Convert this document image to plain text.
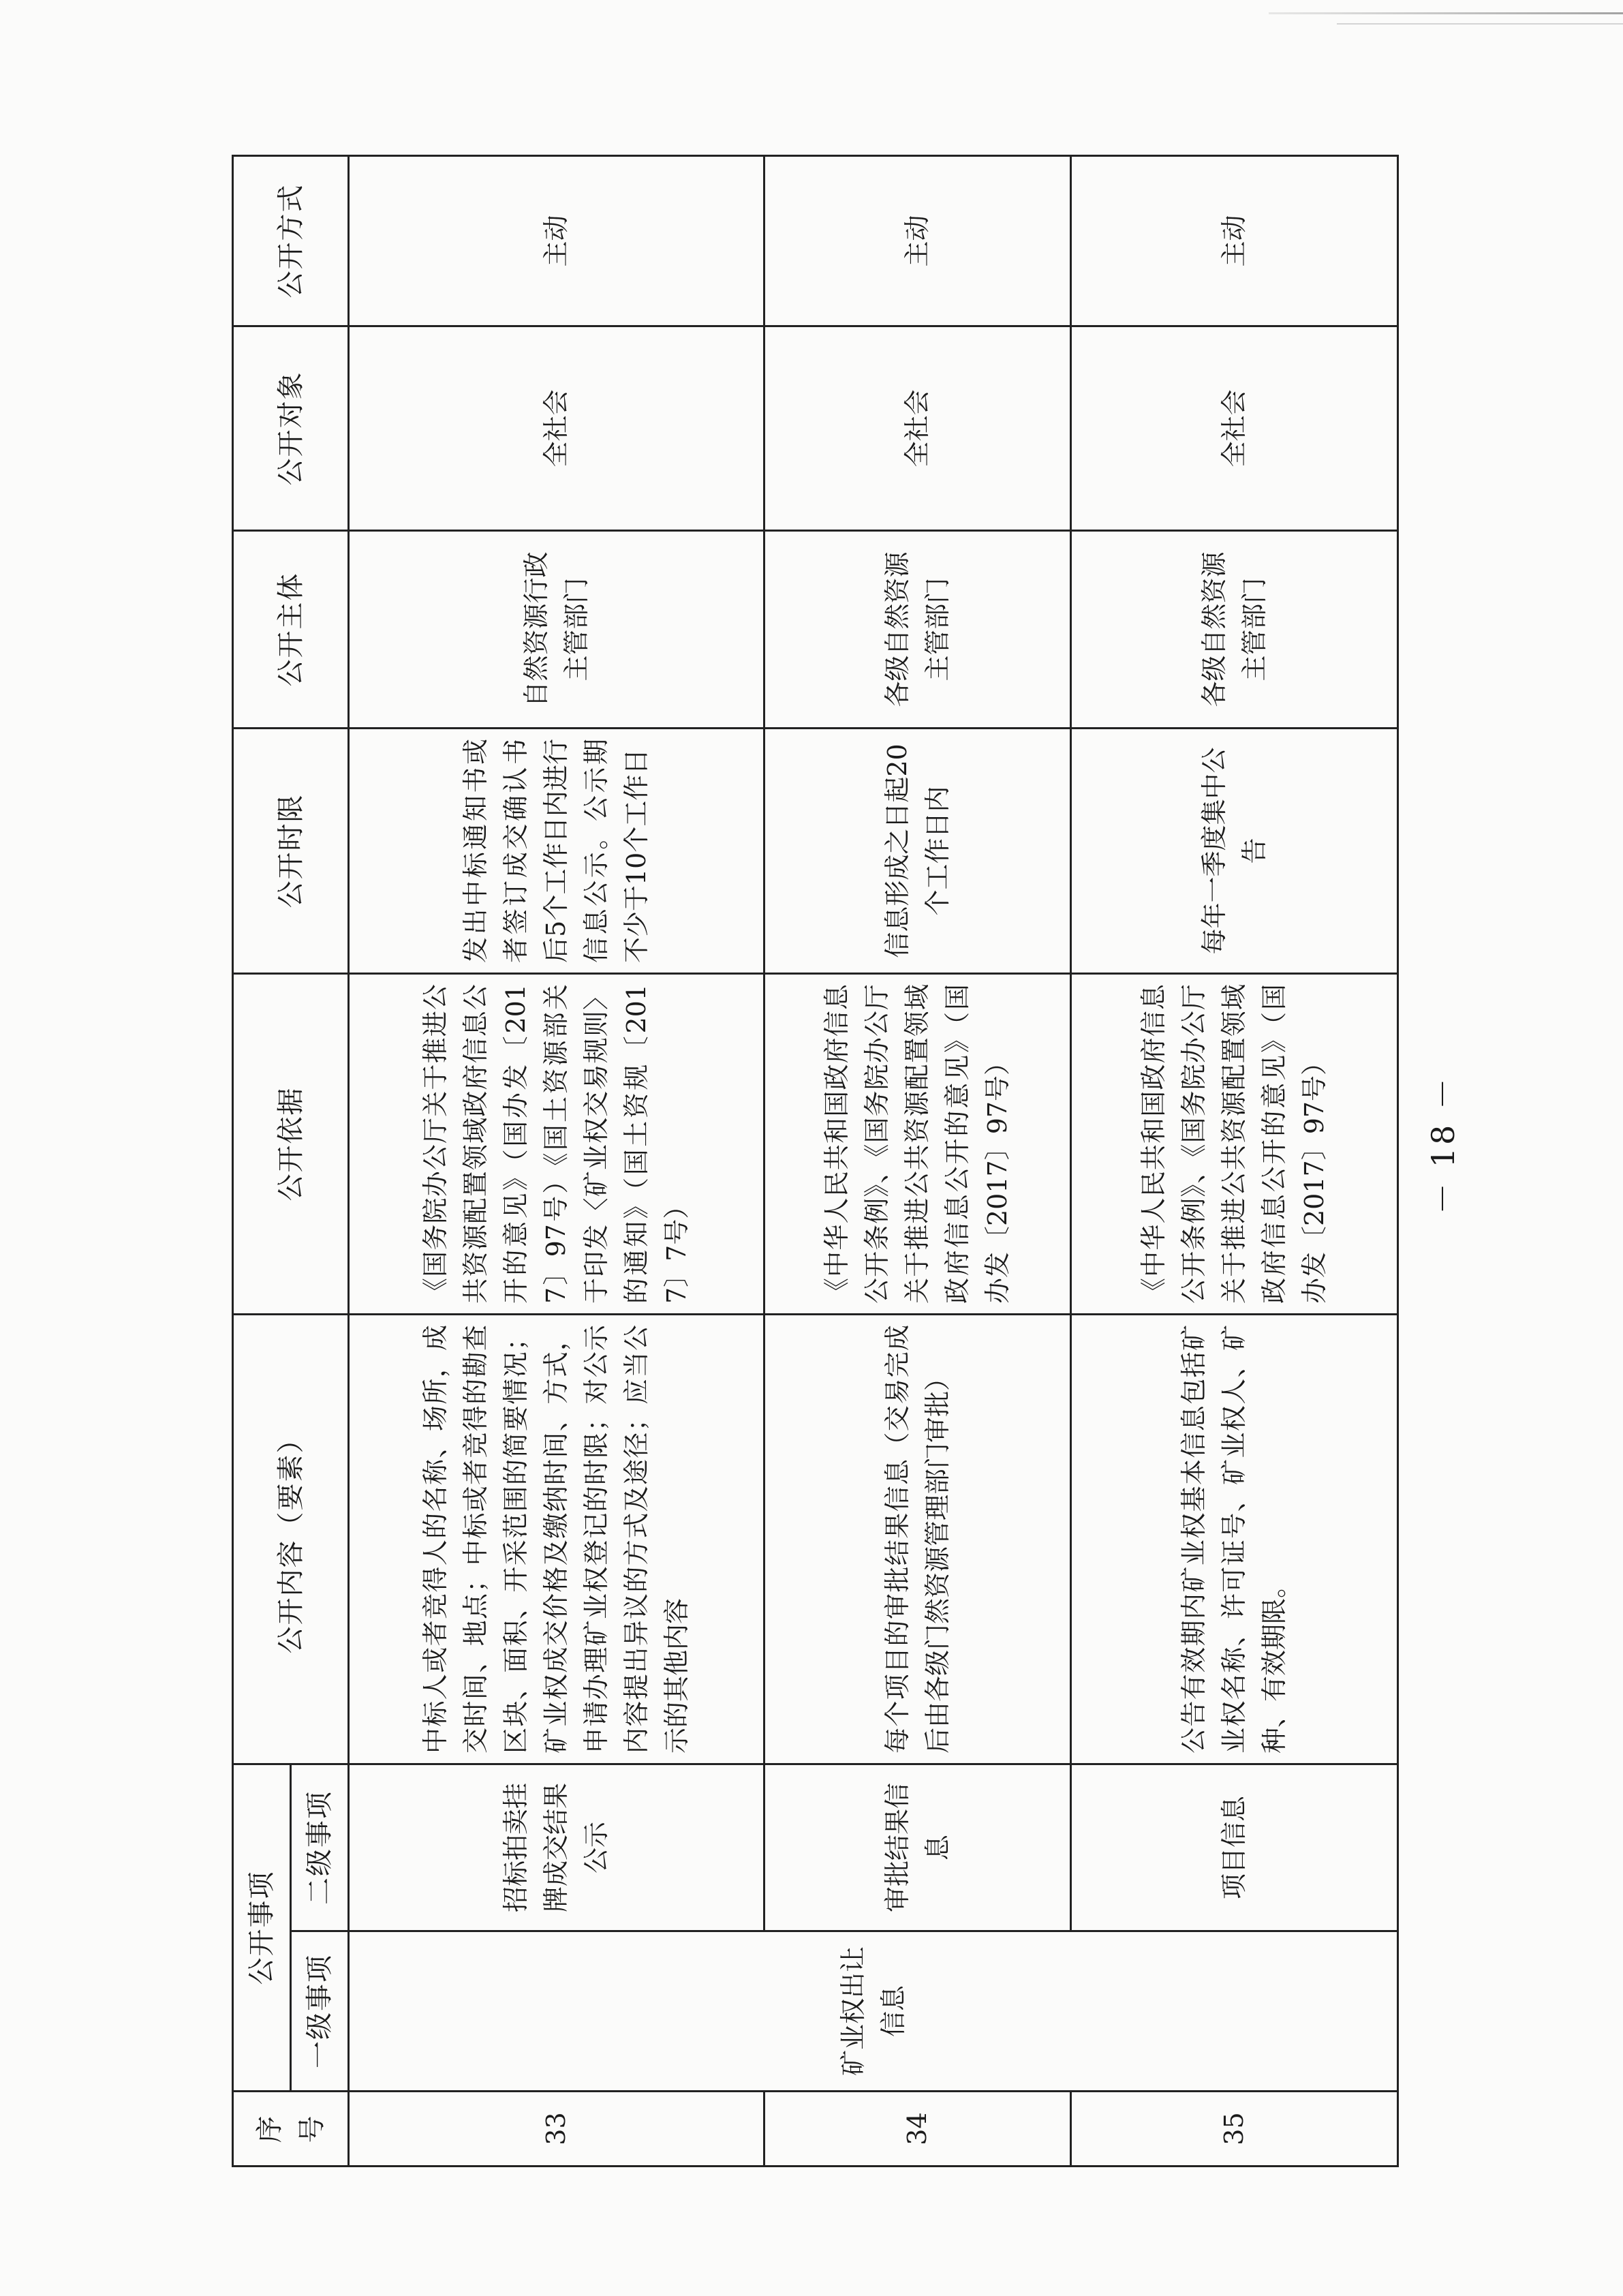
序号	公开事项		公开内容（要素）	公开依据	公开时限	公开主体	公开对象	公开方式
	一级事项	二级事项						
33	矿业权出让信息	招标拍卖挂牌成交结果公示	中标人或者竞得人的名称、场所，成交时间、地点；中标或者竞得的勘查区块、面积、开采范围的简要情况；矿业权成交价格及缴纳时间、方式，申请办理矿业权登记的时限；对公示内容提出异议的方式及途径；应当公示的其他内容	《国务院办公厅关于推进公共资源配置领域政府信息公开的意见》（国办发〔2017〕97号）《国土资源部关于印发〈矿业权交易规则〉的通知》（国土资规〔2017〕7号）	发出中标通知书或者签订成交确认书后5个工作日内进行信息公示。公示期不少于10个工作日	自然资源行政主管部门	全社会	主动
34		审批结果信息	每个项目的审批结果信息（交易完成后由各级门然资源管理部门审批）	《中华人民共和国政府信息公开条例》、《国务院办公厅关于推进公共资源配置领域政府信息公开的意见》（国办发〔2017〕97号）	信息形成之日起20个工作日内	各级自然资源主管部门	全社会	主动
35		项目信息	公告有效期内矿业权基本信息包括矿业权名称、许可证号、矿业权人、矿种、有效期限。	《中华人民共和国政府信息公开条例》、《国务院办公厅关于推进公共资源配置领域政府信息公开的意见》（国办发〔2017〕97号）	每年一季度集中公告	各级自然资源主管部门	全社会	主动
－ 18 －
